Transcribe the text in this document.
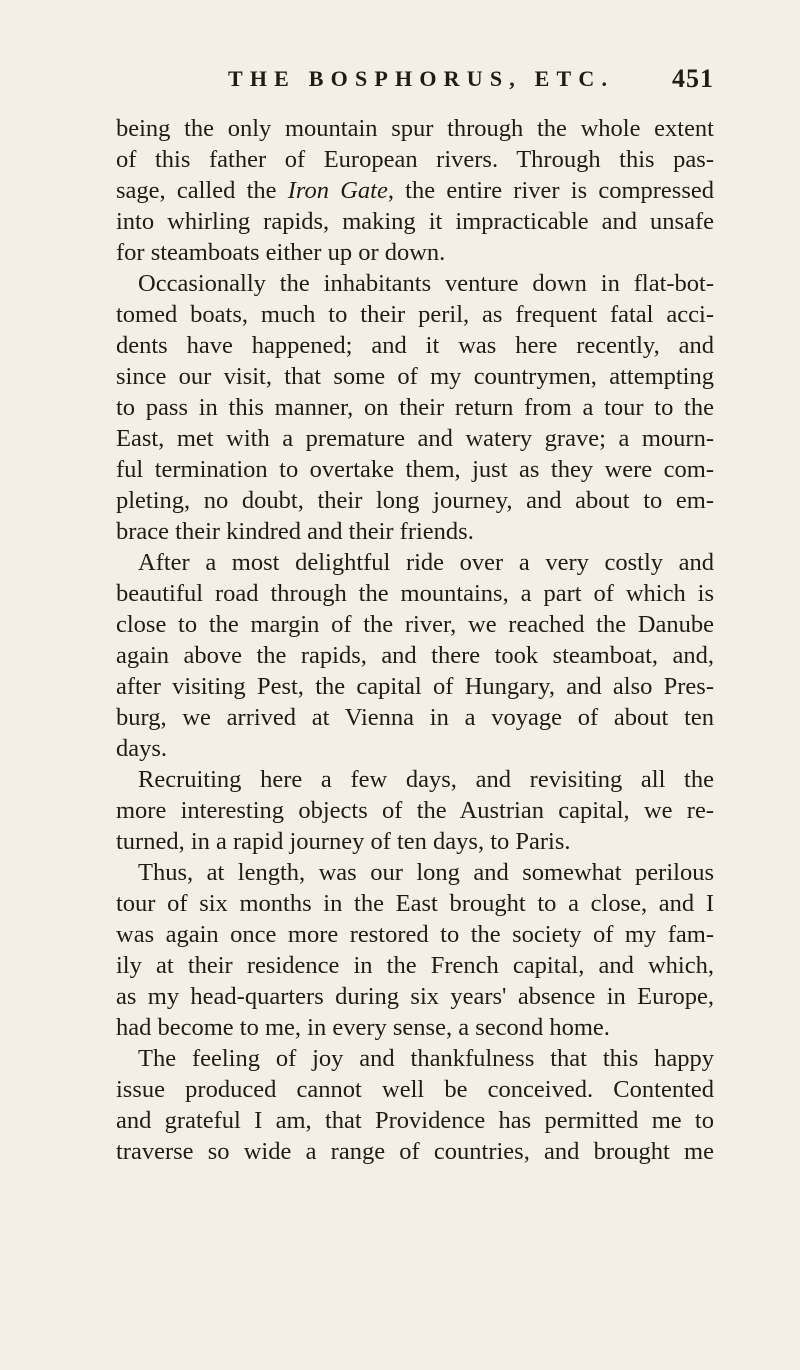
THE BOSPHORUS, ETC. 451
being the only mountain spur through the whole extent
of this father of European rivers. Through this pas-
sage, called the Iron Gate, the entire river is compressed
into whirling rapids, making it impracticable and unsafe
for steamboats either up or down.
Occasionally the inhabitants venture down in flat-bot-
tomed boats, much to their peril, as frequent fatal acci-
dents have happened; and it was here recently, and
since our visit, that some of my countrymen, attempting
to pass in this manner, on their return from a tour to the
East, met with a premature and watery grave; a mourn-
ful termination to overtake them, just as they were com-
pleting, no doubt, their long journey, and about to em-
brace their kindred and their friends.
After a most delightful ride over a very costly and
beautiful road through the mountains, a part of which is
close to the margin of the river, we reached the Danube
again above the rapids, and there took steamboat, and,
after visiting Pest, the capital of Hungary, and also Pres-
burg, we arrived at Vienna in a voyage of about ten
days.
Recruiting here a few days, and revisiting all the
more interesting objects of the Austrian capital, we re-
turned, in a rapid journey of ten days, to Paris.
Thus, at length, was our long and somewhat perilous
tour of six months in the East brought to a close, and I
was again once more restored to the society of my fam-
ily at their residence in the French capital, and which,
as my head-quarters during six years' absence in Europe,
had become to me, in every sense, a second home.
The feeling of joy and thankfulness that this happy
issue produced cannot well be conceived. Contented
and grateful I am, that Providence has permitted me to
traverse so wide a range of countries, and brought me
